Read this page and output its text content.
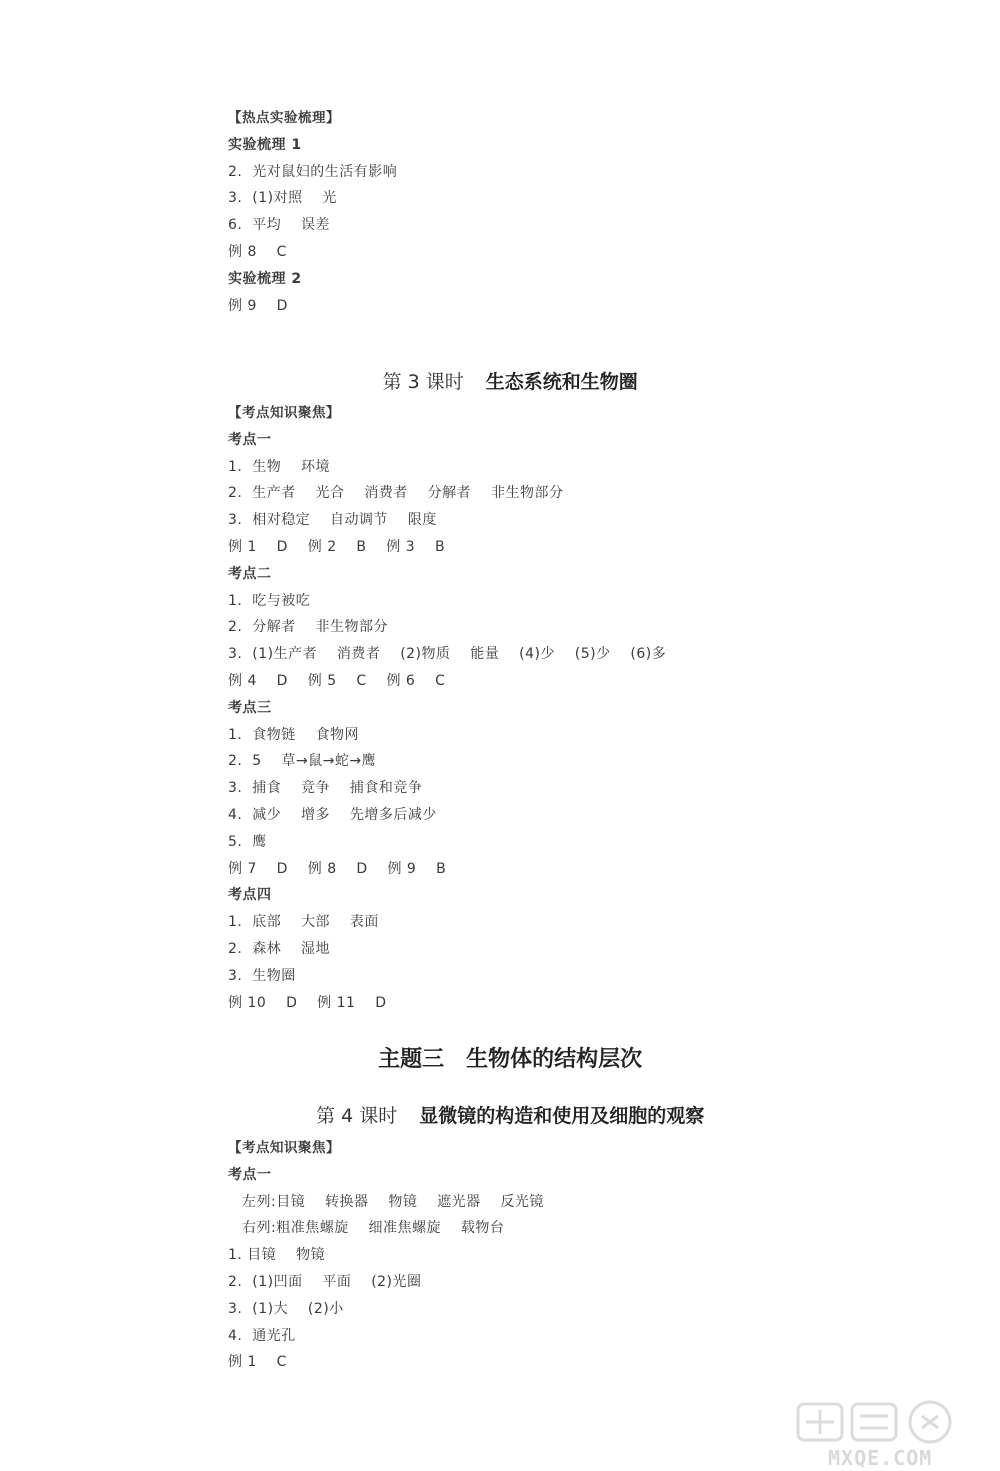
【热点实验梳理】
实验梳理 1
2.  光对鼠妇的生活有影响
3.  (1)对照    光
6.  平均    误差
例 8    C
实验梳理 2
例 9    D

第 3 课时 生态系统和生物圈

【考点知识聚焦】
考点一
1.  生物    环境
2.  生产者    光合    消费者    分解者    非生物部分
3.  相对稳定    自动调节    限度
例 1    D    例 2    B    例 3    B
考点二
1.  吃与被吃
2.  分解者    非生物部分
3.  (1)生产者    消费者    (2)物质    能量    (4)少    (5)少    (6)多
例 4    D    例 5    C    例 6    C
考点三
1.  食物链    食物网
2.  5    草→鼠→蛇→鹰
3.  捕食    竞争    捕食和竞争
4.  减少    增多    先增多后减少
5.  鹰
例 7    D    例 8    D    例 9    B
考点四
1.  底部    大部    表面
2.  森林    湿地
3.  生物圈
例 10    D    例 11    D

主题三 生物体的结构层次

第 4 课时 显微镜的构造和使用及细胞的观察

【考点知识聚焦】
考点一
左列:目镜    转换器    物镜    遮光器    反光镜
右列:粗准焦螺旋    细准焦螺旋    载物台
1. 目镜    物镜
2.  (1)凹面    平面    (2)光圈
3.  (1)大    (2)小
4.  通光孔
例 1    C
MXQE.COM
